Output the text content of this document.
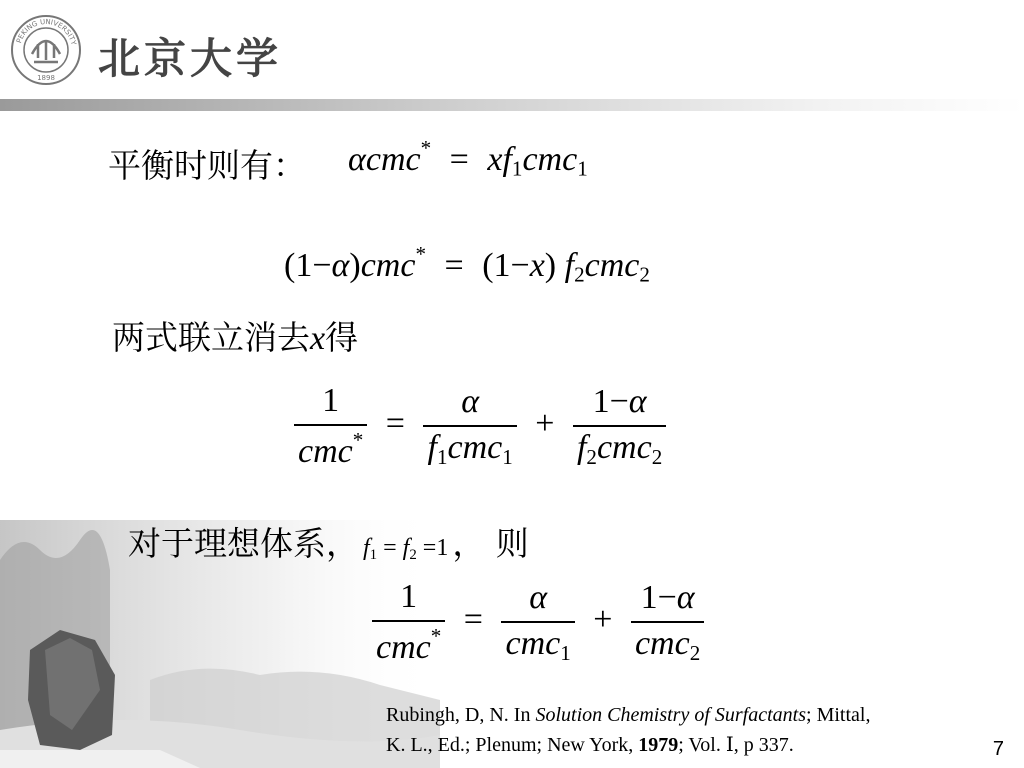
PEKING UNIVERSITY
1898 北京大学
平衡时则有： $\alpha cmc^* = xf_1cmc_1$
(1−α)cmc* = (1−x) $f_2cmc_2$
两式联立消去x得
$\frac{1}{cmc^*} = \frac{\alpha}{f_1cmc_1} + \frac{1-\alpha}{f_2cmc_2}$
对于理想体系， $f_1 = f_2 =1$ ， 则
$\frac{1}{cmc^*} = \frac{\alpha}{cmc_1} + \frac{1-\alpha}{cmc_2}$
Rubingh, D, N. In Solution Chemistry of Surfactants; Mittal,
K. L., Ed.; Plenum; New York, 1979; Vol. Ⅰ, p 337.	7
